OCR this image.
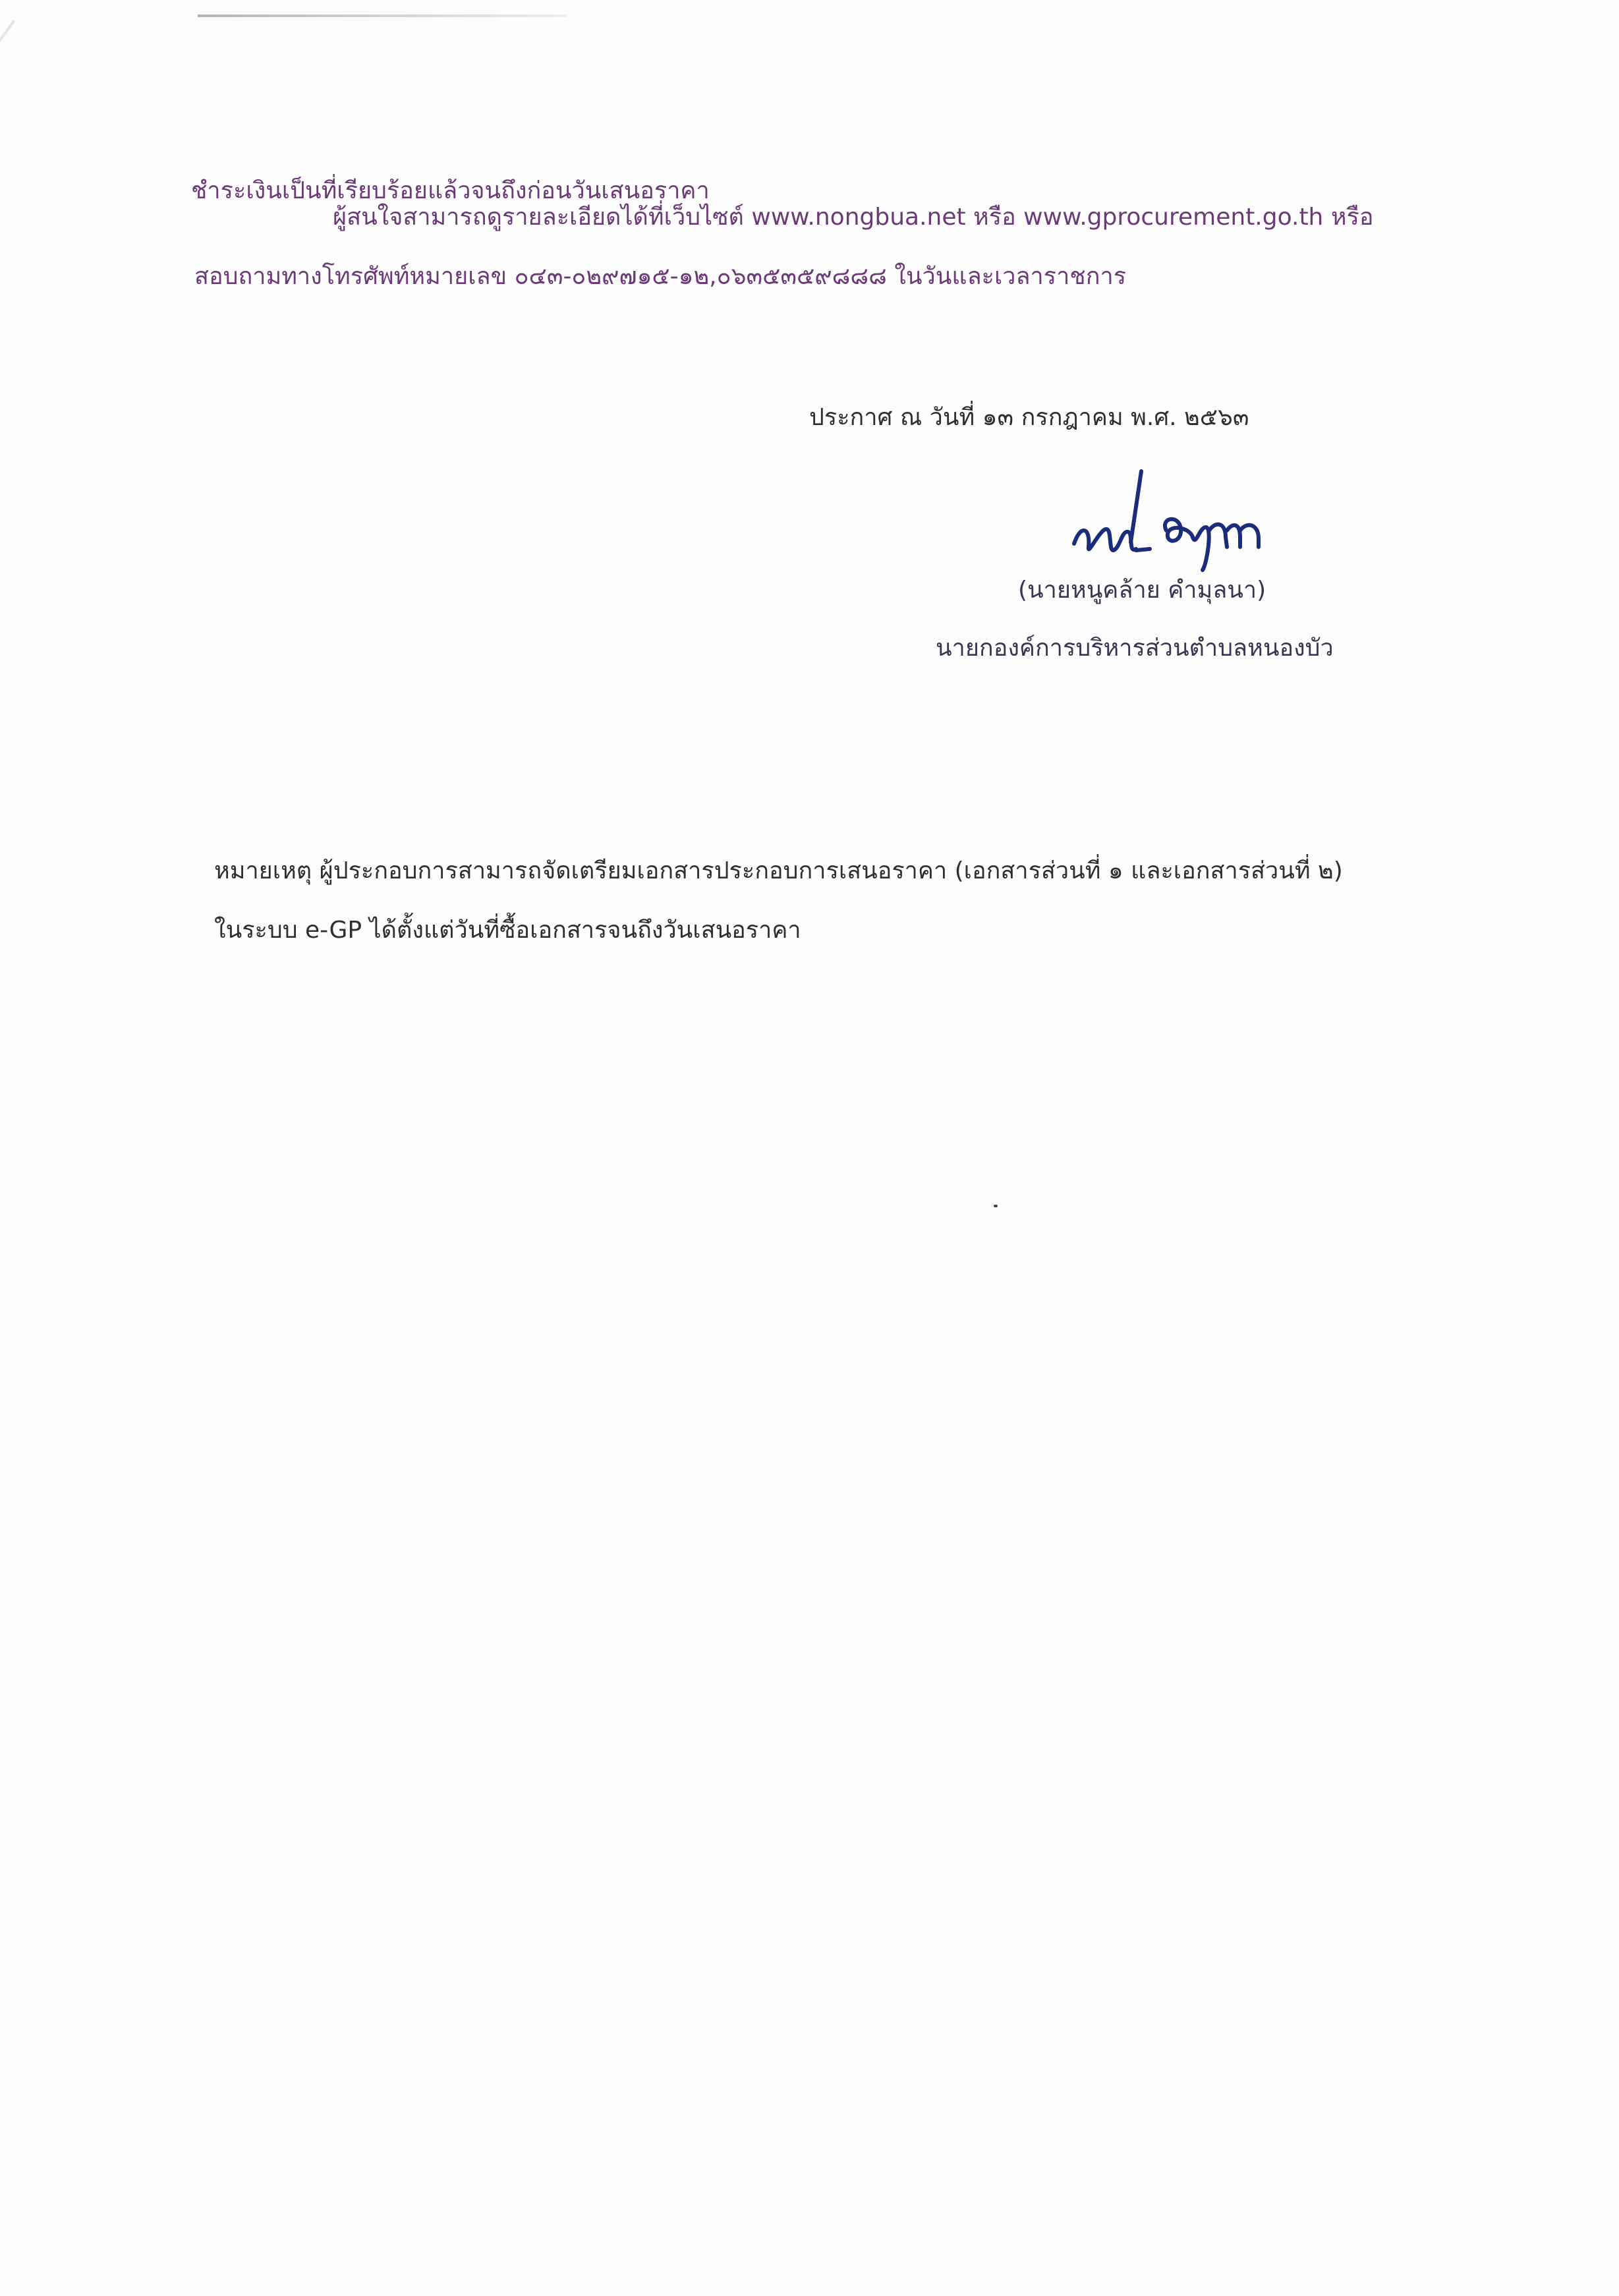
ชำระเงินเป็นที่เรียบร้อยแล้วจนถึงก่อนวันเสนอราคา
ผู้สนใจสามารถดูรายละเอียดได้ที่เว็บไซต์ www.nongbua.net หรือ www.gprocurement.go.th หรือ
สอบถามทางโทรศัพท์หมายเลข ๐๔๓-๐๒๙๗๑๕-๑๒,๐๖๓๕๓๕๙๘๘๘ ในวันและเวลาราชการ
ประกาศ ณ วันที่ ๑๓ กรกฎาคม พ.ศ. ๒๕๖๓
(นายหนูคล้าย คำมุลนา)
นายกองค์การบริหารส่วนตำบลหนองบัว
หมายเหตุ ผู้ประกอบการสามารถจัดเตรียมเอกสารประกอบการเสนอราคา (เอกสารส่วนที่ ๑ และเอกสารส่วนที่ ๒)
ในระบบ e-GP ได้ตั้งแต่วันที่ซื้อเอกสารจนถึงวันเสนอราคา
